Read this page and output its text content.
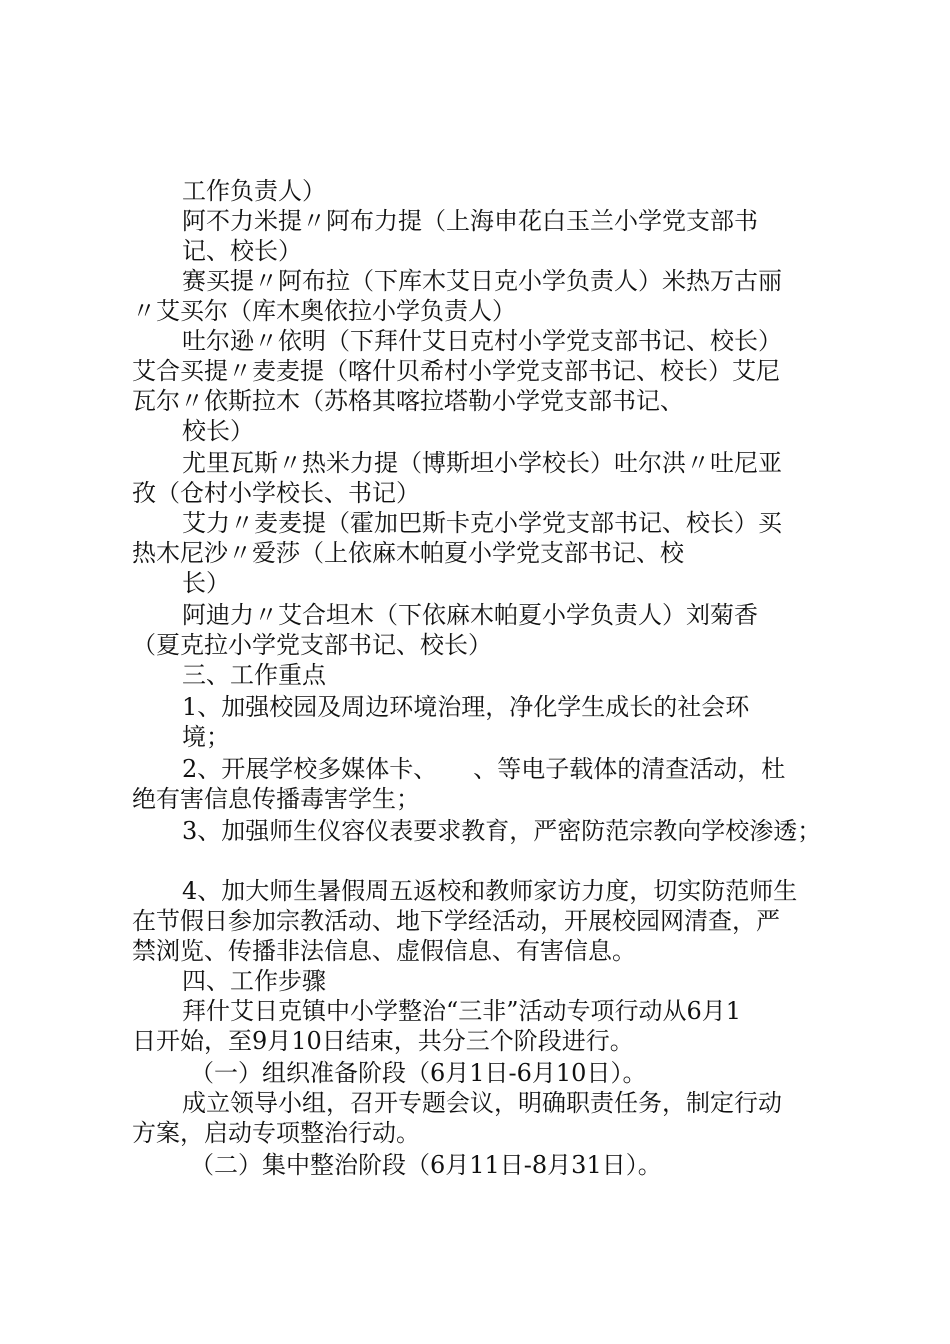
工作负责人）

阿不力米提〃阿布力提（上海申花白玉兰小学党支部书

记、校长）

赛买提〃阿布拉（下库木艾日克小学负责人）米热万古丽

〃艾买尔（库木奥依拉小学负责人）

吐尔逊〃依明（下拜什艾日克村小学党支部书记、校长）

艾合买提〃麦麦提（喀什贝希村小学党支部书记、校长）艾尼

瓦尔〃依斯拉木（苏格其喀拉塔勒小学党支部书记、

校长）

尤里瓦斯〃热米力提（博斯坦小学校长）吐尔洪〃吐尼亚

孜（仓村小学校长、书记）

艾力〃麦麦提（霍加巴斯卡克小学党支部书记、校长）买

热木尼沙〃爱莎（上依麻木帕夏小学党支部书记、校

长）

阿迪力〃艾合坦木（下依麻木帕夏小学负责人）刘菊香

（夏克拉小学党支部书记、校长）

三、工作重点

1、加强校园及周边环境治理，净化学生成长的社会环

境；

2、开展学校多媒体卡、　　、等电子载体的清查活动，杜

绝有害信息传播毒害学生；

3、加强师生仪容仪表要求教育，严密防范宗教向学校渗透；

4、加大师生暑假周五返校和教师家访力度，切实防范师生

在节假日参加宗教活动、地下学经活动，开展校园网清查，严

禁浏览、传播非法信息、虚假信息、有害信息。

四、工作步骤

拜什艾日克镇中小学整治“三非”活动专项行动从6月1

日开始，至9月10日结束，共分三个阶段进行。

（一）组织准备阶段（6月1日-6月10日）。

成立领导小组，召开专题会议，明确职责任务，制定行动

方案，启动专项整治行动。

（二）集中整治阶段（6月11日-8月31日）。
